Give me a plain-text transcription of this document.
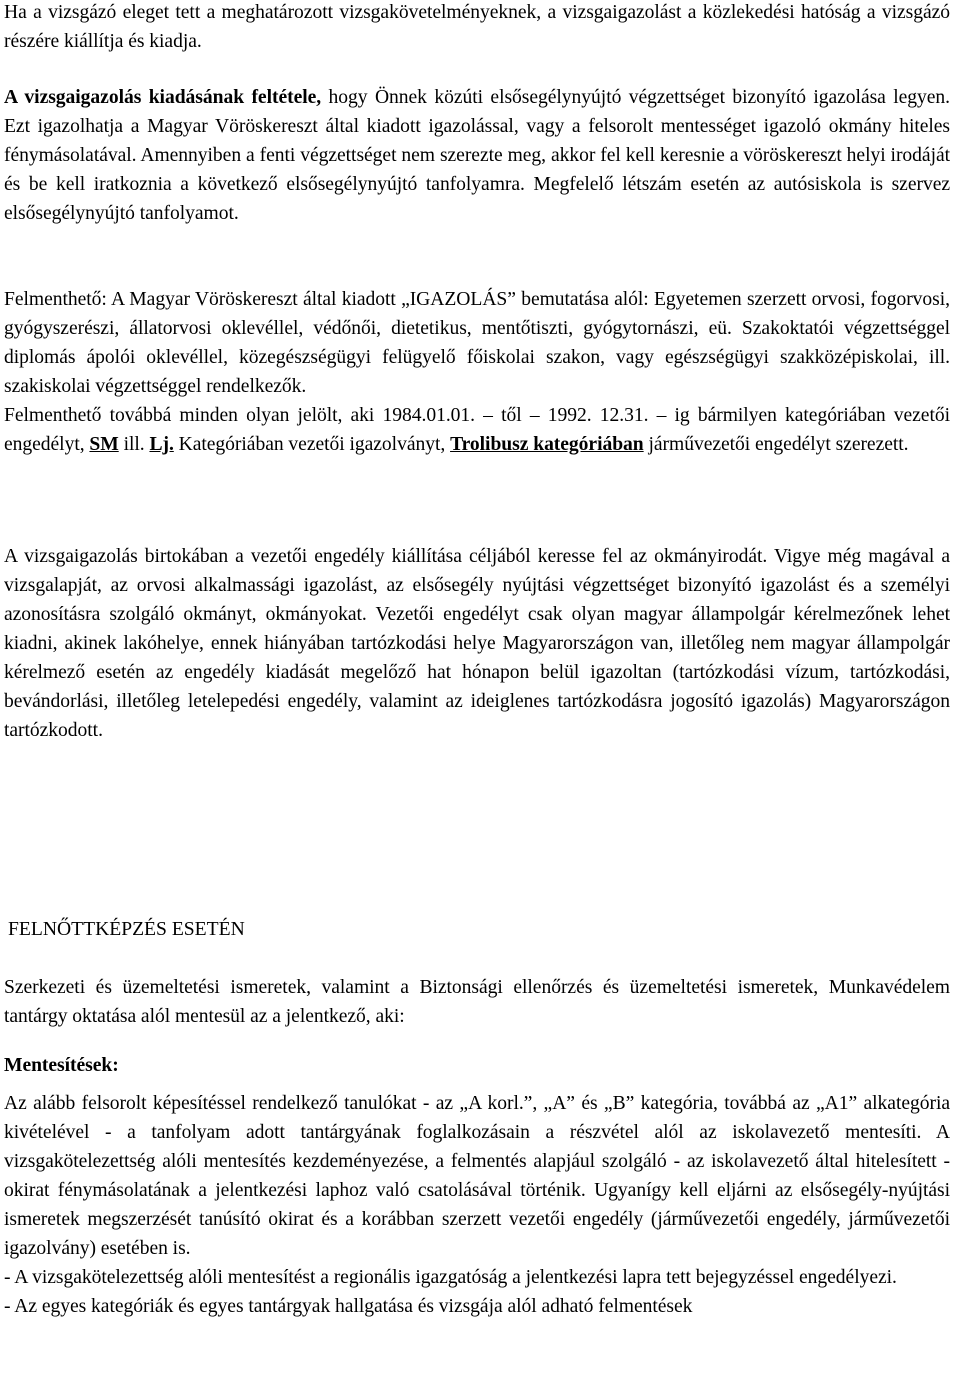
Ha a vizsgázó eleget tett a meghatározott vizsgakövetelményeknek, a vizsgaigazolást a közlekedési hatóság a vizsgázó részére kiállítja és kiadja.

A vizsgaigazolás kiadásának feltétele, hogy Önnek közúti elsősegélynyújtó végzettséget bizonyító igazolása legyen. Ezt igazolhatja a Magyar Vöröskereszt által kiadott igazolással, vagy a felsorolt mentességet igazoló okmány hiteles fénymásolatával. Amennyiben a fenti végzettséget nem szerezte meg, akkor fel kell keresnie a vöröskereszt helyi irodáját és be kell iratkoznia a következő elsősegélynyújtó tanfolyamra. Megfelelő létszám esetén az autósiskola is szervez elsősegélynyújtó tanfolyamot.

Felmenthető: A Magyar Vöröskereszt által kiadott „IGAZOLÁS” bemutatása alól: Egyetemen szerzett orvosi, fogorvosi, gyógyszerészi, állatorvosi oklevéllel, védőnői, dietetikus, mentőtiszti, gyógytornászi, eü. Szakoktatói végzettséggel diplomás ápolói oklevéllel, közegészségügyi felügyelő főiskolai szakon, vagy egészségügyi szakközépiskolai, ill. szakiskolai végzettséggel rendelkezők.
Felmenthető továbbá minden olyan jelölt, aki 1984.01.01. – től – 1992. 12.31. – ig bármilyen kategóriában vezetői engedélyt, SM ill. Lj. Kategóriában vezetői igazolványt, Trolibusz kategóriában járművezetői engedélyt szerezett.

A vizsgaigazolás birtokában a vezetői engedély kiállítása céljából keresse fel az okmányirodát. Vigye még magával a vizsgalapját, az orvosi alkalmassági igazolást, az elsősegély nyújtási végzettséget bizonyító igazolást és a személyi azonosításra szolgáló okmányt, okmányokat. Vezetői engedélyt csak olyan magyar állampolgár kérelmezőnek lehet kiadni, akinek lakóhelye, ennek hiányában tartózkodási helye Magyarországon van, illetőleg nem magyar állampolgár kérelmező esetén az engedély kiadását megelőző hat hónapon belül igazoltan (tartózkodási vízum, tartózkodási, bevándorlási, illetőleg letelepedési engedély, valamint az ideiglenes tartózkodásra jogosító igazolás) Magyarországon tartózkodott.

FELNŐTTKÉPZÉS ESETÉN

Szerkezeti és üzemeltetési ismeretek, valamint a Biztonsági ellenőrzés és üzemeltetési ismeretek, Munkavédelem tantárgy oktatása alól mentesül az a jelentkező, aki:

Mentesítések:

Az alább felsorolt képesítéssel rendelkező tanulókat - az „A korl.”, „A” és „B” kategória, továbbá az „A1” alkategória kivételével - a tanfolyam adott tantárgyának foglalkozásain a részvétel alól az iskolavezető mentesíti. A vizsgakötelezettség alóli mentesítés kezdeményezése, a felmentés alapjául szolgáló - az iskolavezető által hitelesített - okirat fénymásolatának a jelentkezési laphoz való csatolásával történik. Ugyanígy kell eljárni az elsősegély-nyújtási ismeretek megszerzését tanúsító okirat és a korábban szerzett vezetői engedély (járművezetői engedély, járművezetői igazolvány) esetében is.
- A vizsgakötelezettség alóli mentesítést a regionális igazgatóság a jelentkezési lapra tett bejegyzéssel engedélyezi.
- Az egyes kategóriák és egyes tantárgyak hallgatása és vizsgája alól adható felmentések
